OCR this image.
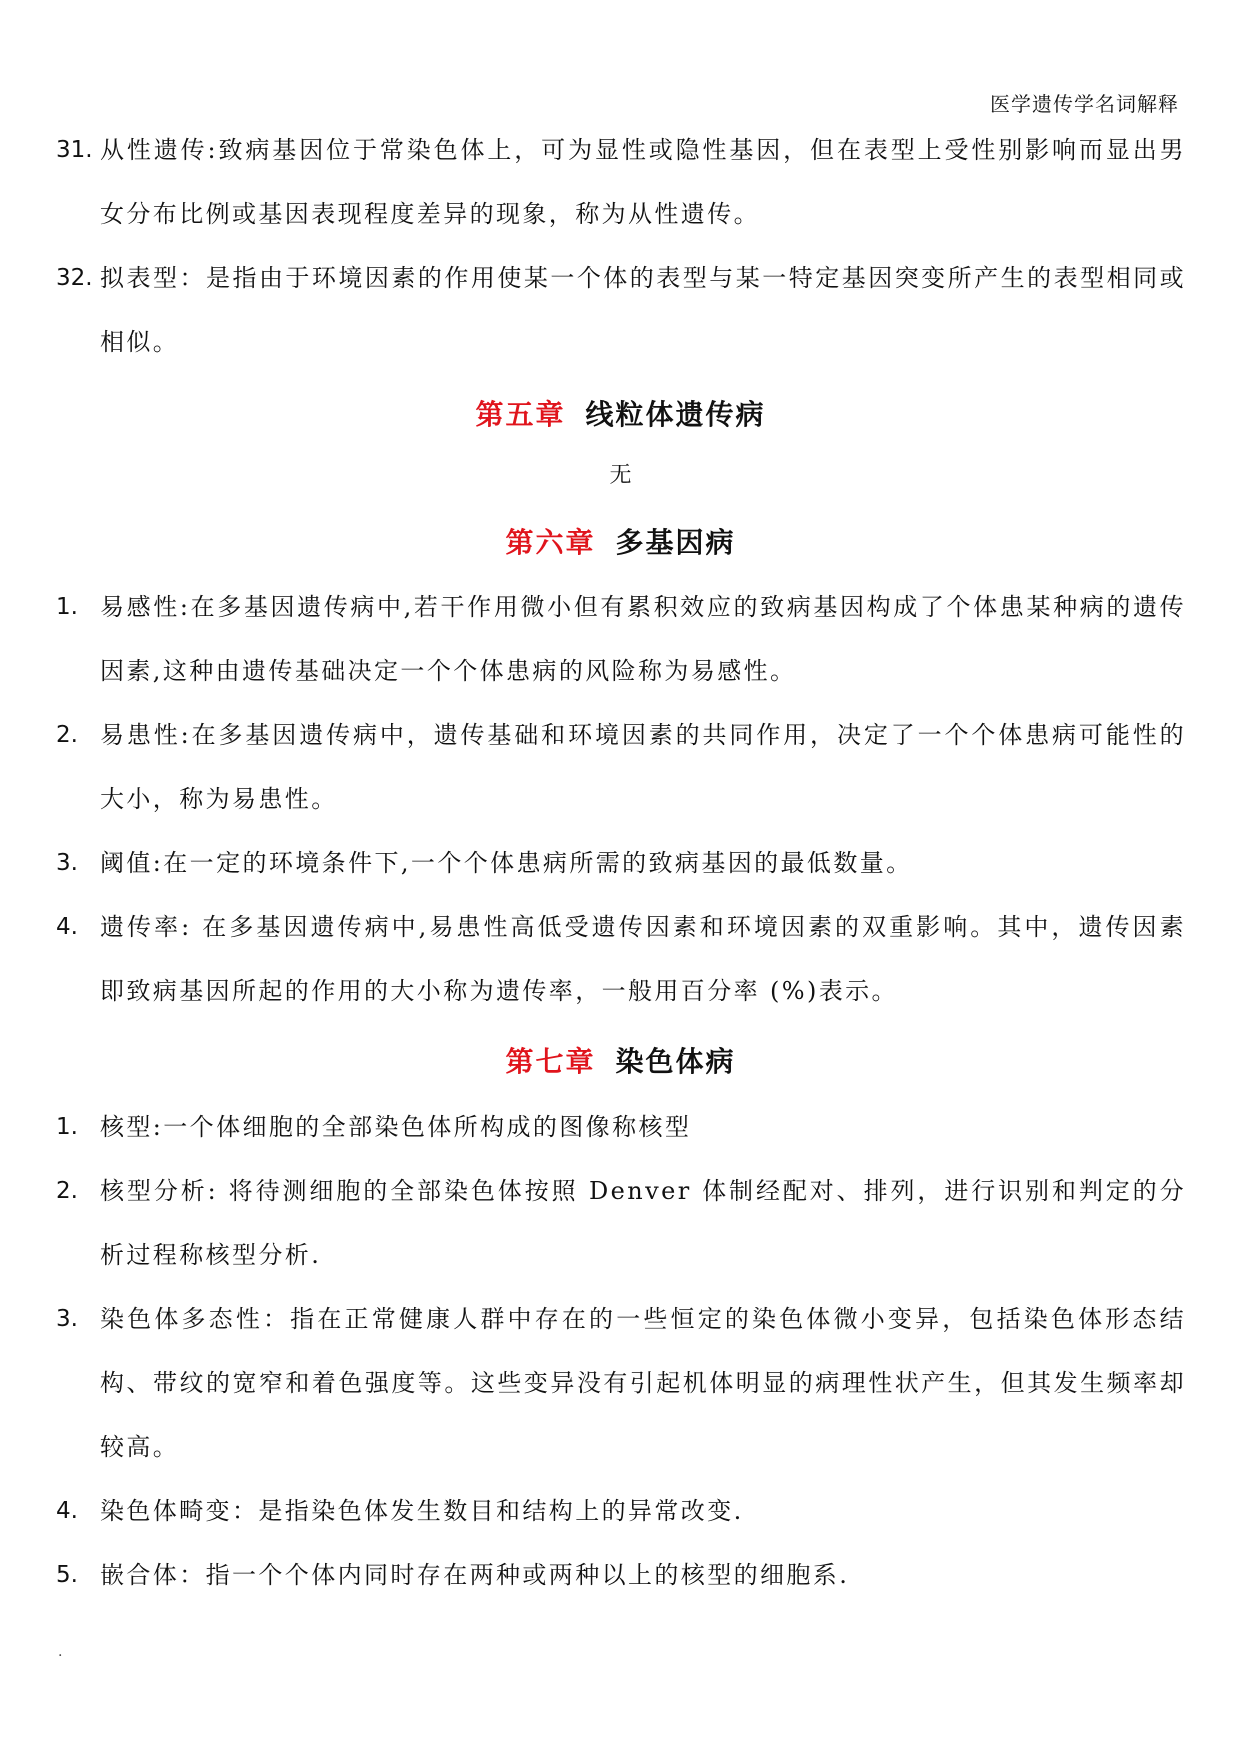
医学遗传学名词解释
31. 从性遗传:致病基因位于常染色体上，可为显性或隐性基因，但在表型上受性别影响而显出男女分布比例或基因表现程度差异的现象，称为从性遗传。
32. 拟表型：是指由于环境因素的作用使某一个体的表型与某一特定基因突变所产生的表型相同或相似。
第五章 线粒体遗传病
无
第六章 多基因病
1. 易感性:在多基因遗传病中,若干作用微小但有累积效应的致病基因构成了个体患某种病的遗传因素,这种由遗传基础决定一个个体患病的风险称为易感性。
2. 易患性:在多基因遗传病中，遗传基础和环境因素的共同作用，决定了一个个体患病可能性的大小，称为易患性。
3. 阈值:在一定的环境条件下,一个个体患病所需的致病基因的最低数量。
4. 遗传率: 在多基因遗传病中,易患性高低受遗传因素和环境因素的双重影响。其中，遗传因素即致病基因所起的作用的大小称为遗传率，一般用百分率 (%)表示。
第七章 染色体病
1. 核型:一个体细胞的全部染色体所构成的图像称核型
2. 核型分析: 将待测细胞的全部染色体按照 Denver 体制经配对、排列，进行识别和判定的分析过程称核型分析.
3. 染色体多态性：指在正常健康人群中存在的一些恒定的染色体微小变异，包括染色体形态结构、带纹的宽窄和着色强度等。这些变异没有引起机体明显的病理性状产生，但其发生频率却较高。
4. 染色体畸变：是指染色体发生数目和结构上的异常改变.
5. 嵌合体：指一个个体内同时存在两种或两种以上的核型的细胞系.
.
